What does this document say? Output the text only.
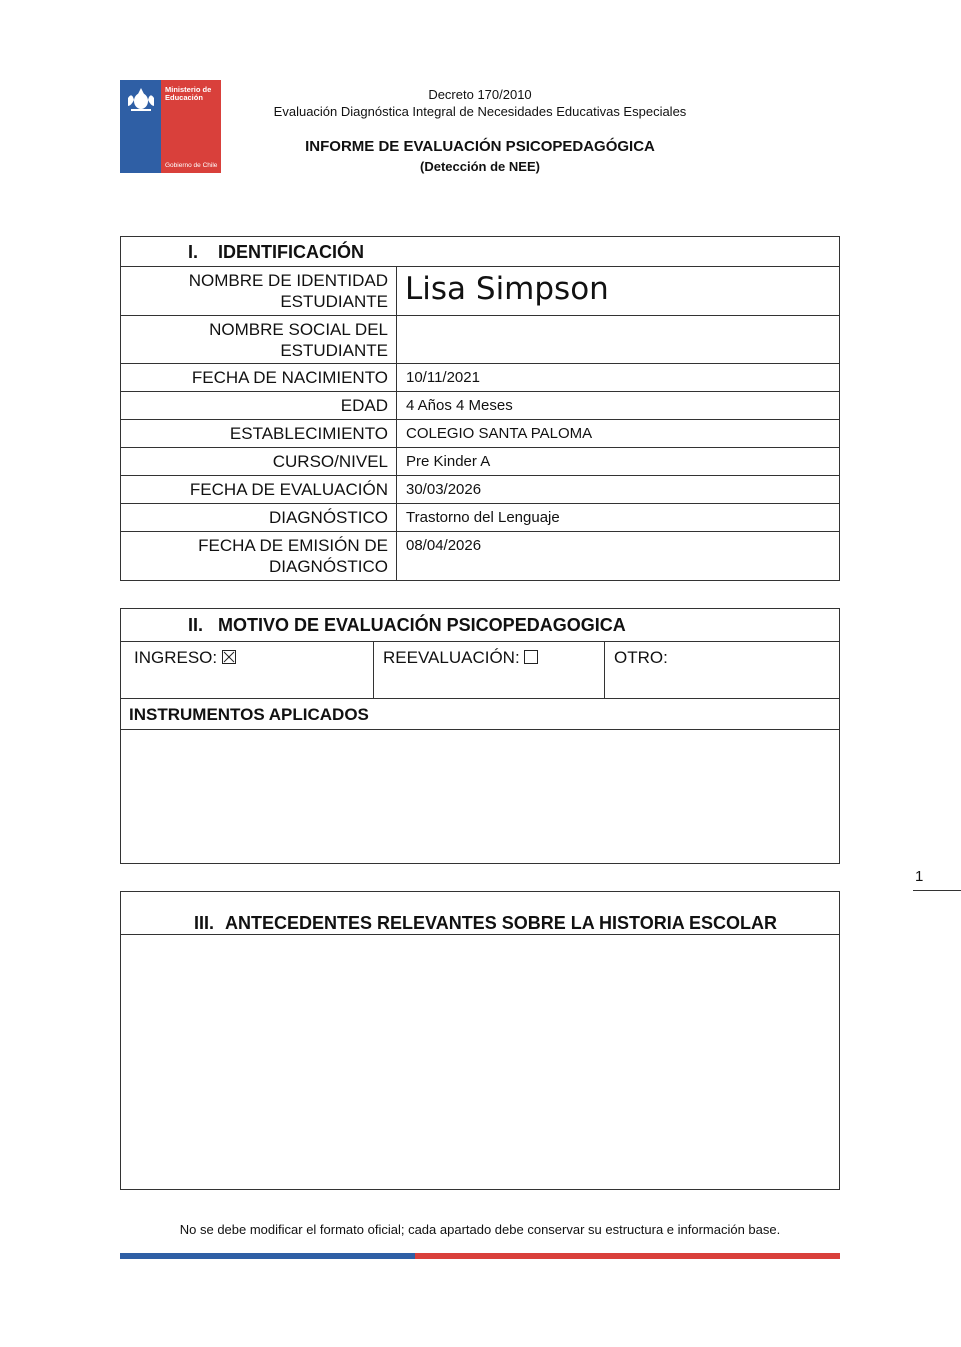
Ministerio de
Educación
Gobierno de Chile
Decreto 170/2010
Evaluación Diagnóstica Integral de Necesidades Educativas Especiales
INFORME DE EVALUACIÓN PSICOPEDAGÓGICA
(Detección de NEE)
I. IDENTIFICACIÓN
NOMBRE DE IDENTIDAD ESTUDIANTE Lisa Simpson
NOMBRE SOCIAL DEL ESTUDIANTE
FECHA DE NACIMIENTO 10/11/2021
EDAD 4 Años 4 Meses
ESTABLECIMIENTO COLEGIO SANTA PALOMA
CURSO/NIVEL Pre Kinder A
FECHA DE EVALUACIÓN 30/03/2026
DIAGNÓSTICO Trastorno del Lenguaje
FECHA DE EMISIÓN DE DIAGNÓSTICO
08/04/2026
II. MOTIVO DE EVALUACIÓN PSICOPEDAGOGICA
INGRESO:	REEVALUACIÓN:	OTRO:
INSTRUMENTOS APLICADOS
1
III. ANTECEDENTES RELEVANTES SOBRE LA HISTORIA ESCOLAR
No se debe modificar el formato oficial; cada apartado debe conservar su estructura e información base.
